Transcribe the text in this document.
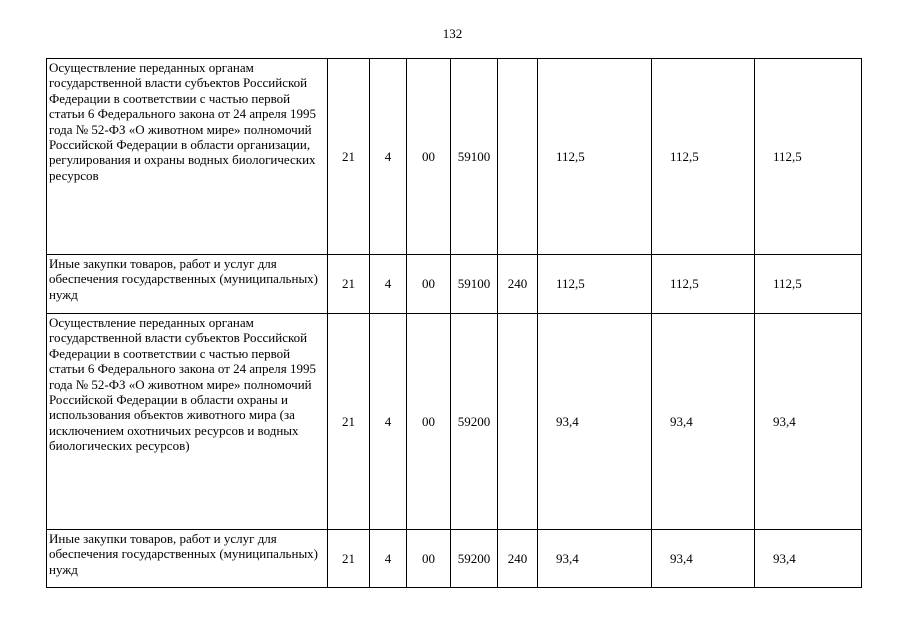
132
Осуществление переданных органам государственной власти субъектов Российской Федерации в соответствии с частью первой статьи 6 Федерального закона от 24 апреля 1995 года № 52-ФЗ «О животном мире» полномочий Российской Федерации в области организации, регулирования и охраны водных биологических ресурсов	21	4	00	59100		112,5	112,5	112,5
Иные закупки товаров, работ и услуг для обеспечения государственных (муниципальных) нужд	21	4	00	59100	240	112,5	112,5	112,5
Осуществление переданных органам государственной власти субъектов Российской Федерации в соответствии с частью первой статьи 6 Федерального закона от 24 апреля 1995 года № 52-ФЗ «О животном мире» полномочий Российской Федерации в области охраны и использования объектов животного мира (за исключением охотничьих ресурсов и водных биологических ресурсов)	21	4	00	59200		93,4	93,4	93,4
Иные закупки товаров, работ и услуг для обеспечения государственных (муниципальных) нужд	21	4	00	59200	240	93,4	93,4	93,4
